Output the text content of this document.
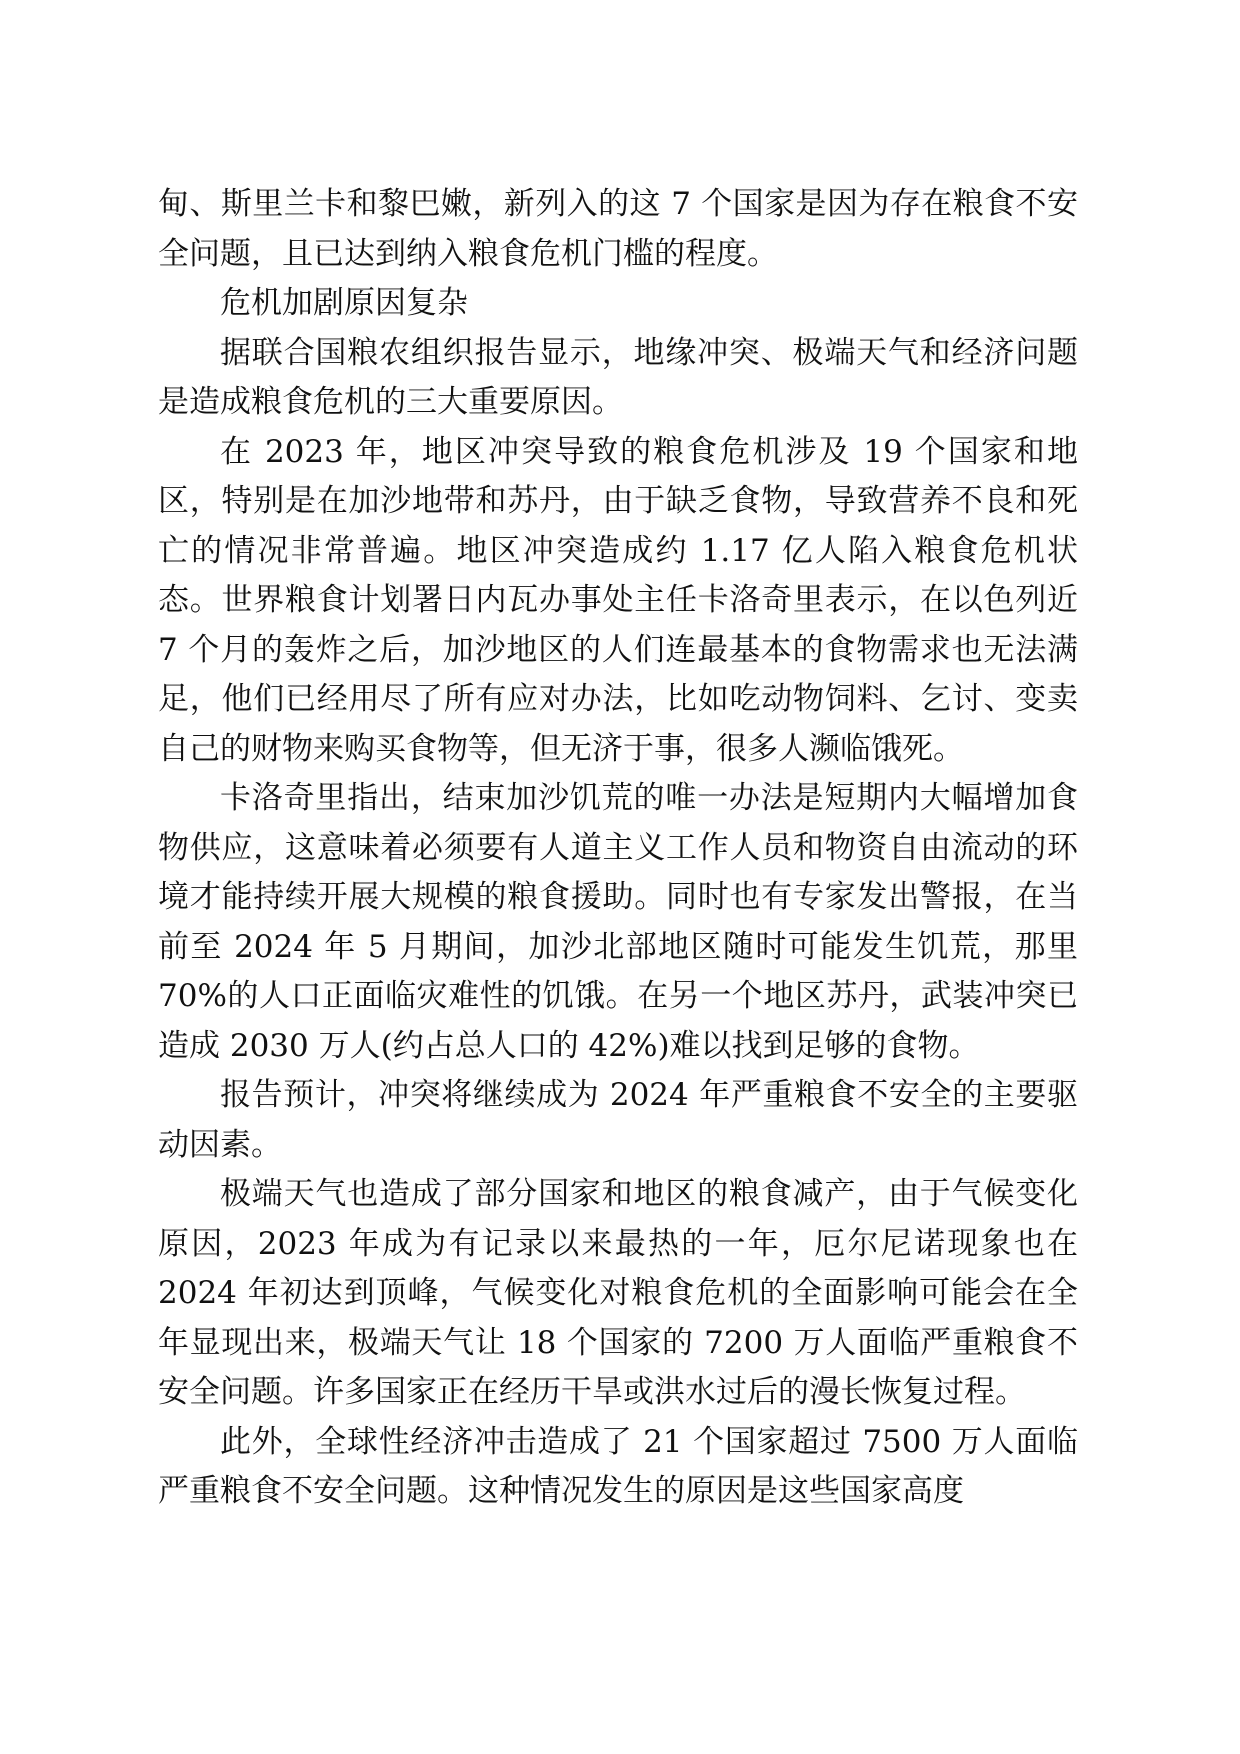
甸、斯里兰卡和黎巴嫩，新列入的这 7 个国家是因为存在粮食不安全问题，且已达到纳入粮食危机门槛的程度。

危机加剧原因复杂

据联合国粮农组织报告显示，地缘冲突、极端天气和经济问题是造成粮食危机的三大重要原因。

在 2023 年，地区冲突导致的粮食危机涉及 19 个国家和地区，特别是在加沙地带和苏丹，由于缺乏食物，导致营养不良和死亡的情况非常普遍。地区冲突造成约 1.17 亿人陷入粮食危机状态。世界粮食计划署日内瓦办事处主任卡洛奇里表示，在以色列近 7 个月的轰炸之后，加沙地区的人们连最基本的食物需求也无法满足，他们已经用尽了所有应对办法，比如吃动物饲料、乞讨、变卖自己的财物来购买食物等，但无济于事，很多人濒临饿死。

卡洛奇里指出，结束加沙饥荒的唯一办法是短期内大幅增加食物供应，这意味着必须要有人道主义工作人员和物资自由流动的环境才能持续开展大规模的粮食援助。同时也有专家发出警报，在当前至 2024 年 5 月期间，加沙北部地区随时可能发生饥荒，那里 70%的人口正面临灾难性的饥饿。在另一个地区苏丹，武装冲突已造成 2030 万人(约占总人口的 42%)难以找到足够的食物。

报告预计，冲突将继续成为 2024 年严重粮食不安全的主要驱动因素。

极端天气也造成了部分国家和地区的粮食减产，由于气候变化原因，2023 年成为有记录以来最热的一年，厄尔尼诺现象也在 2024 年初达到顶峰，气候变化对粮食危机的全面影响可能会在全年显现出来，极端天气让 18 个国家的 7200 万人面临严重粮食不安全问题。许多国家正在经历干旱或洪水过后的漫长恢复过程。

此外，全球性经济冲击造成了 21 个国家超过 7500 万人面临严重粮食不安全问题。这种情况发生的原因是这些国家高度
